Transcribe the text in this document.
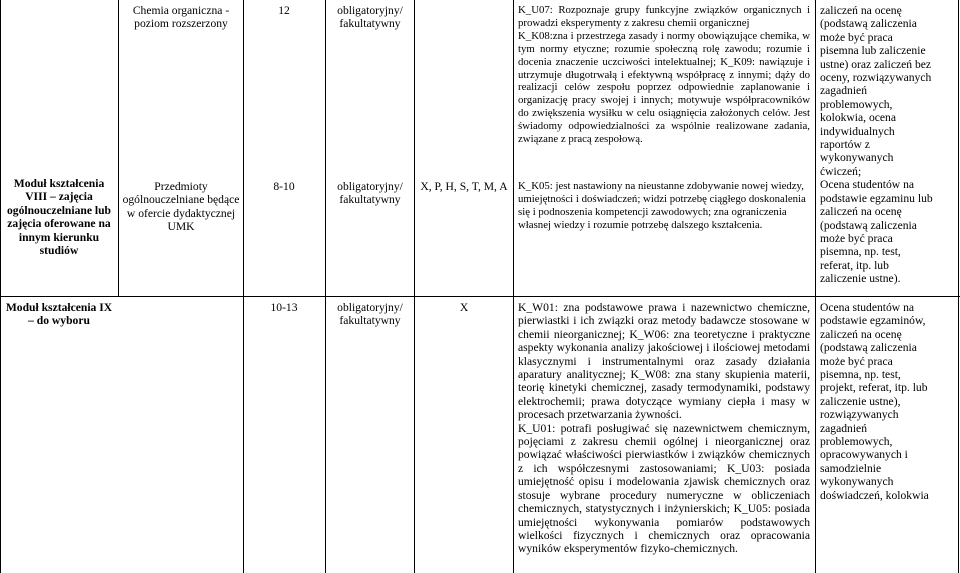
Moduł kształcenia VIII – zajęcia ogólnouczelniane lub zajęcia oferowane na innym kierunku studiów
Chemia organiczna - poziom rozszerzony
Przedmioty ogólnouczelniane będące w ofercie dydaktycznej UMK
12
8-10
obligatoryjny/
fakultatywny
obligatoryjny/
fakultatywny
X, P, H, S, T, M, A
K_U07: Rozpoznaje grupy funkcyjne związków organicznych i prowadzi eksperymenty z zakresu chemii organicznej
K_K08:zna i przestrzega zasady i normy obowiązujące chemika, w tym normy etyczne; rozumie społeczną rolę zawodu; rozumie i docenia znaczenie uczciwości intelektualnej; K_K09: nawiązuje i utrzymuje długotrwałą i efektywną współpracę z innymi; dąży do realizacji celów zespołu poprzez odpowiednie zaplanowanie i organizację pracy swojej i innych; motywuje współpracowników do zwiększenia wysiłku w celu osiągnięcia założonych celów. Jest świadomy odpowiedzialności za wspólnie realizowane zadania, związane z pracą zespołową.
K_K05: jest nastawiony na nieustanne zdobywanie nowej wiedzy, umiejętności i doświadczeń; widzi potrzebę ciągłego doskonalenia się i podnoszenia kompetencji zawodowych; zna ograniczenia własnej wiedzy i rozumie potrzebę dalszego kształcenia.
zaliczeń na ocenę
(podstawą zaliczenia
może być praca
pisemna lub zaliczenie
ustne) oraz zaliczeń bez
oceny, rozwiązywanych
zagadnień
problemowych,
kolokwia, ocena
indywidualnych
raportów z
wykonywanych
ćwiczeń;
Ocena studentów na
podstawie egzaminu lub
zaliczeń na ocenę
(podstawą zaliczenia
może być praca
pisemna, np. test,
referat, itp. lub
zaliczenie ustne).
Moduł kształcenia IX – do wyboru
10-13	obligatoryjny/
fakultatywny
X	K_W01: zna podstawowe prawa i nazewnictwo chemiczne, pierwiastki i ich związki oraz metody badawcze stosowane w chemii nieorganicznej; K_W06: zna teoretyczne i praktyczne aspekty wykonania analizy jakościowej i ilościowej metodami klasycznymi i instrumentalnymi oraz zasady działania aparatury analitycznej; K_W08: zna stany skupienia materii, teorię kinetyki chemicznej, zasady termodynamiki, podstawy elektrochemii; prawa dotyczące wymiany ciepła i masy w procesach przetwarzania żywności.
K_U01: potrafi posługiwać się nazewnictwem chemicznym, pojęciami z zakresu chemii ogólnej i nieorganicznej oraz powiązać właściwości pierwiastków i związków chemicznych z ich współczesnymi zastosowaniami; K_U03: posiada umiejętność opisu i modelowania zjawisk chemicznych oraz stosuje wybrane procedury numeryczne w obliczeniach chemicznych, statystycznych i inżynierskich; K_U05: posiada umiejętności wykonywania pomiarów podstawowych wielkości fizycznych i chemicznych oraz opracowania wyników eksperymentów fizyko-chemicznych.
Ocena studentów na
podstawie egzaminów,
zaliczeń na ocenę
(podstawą zaliczenia
może być praca
pisemna, np. test,
projekt, referat, itp. lub
zaliczenie ustne),
rozwiązywanych
zagadnień
problemowych,
opracowywanych i
samodzielnie
wykonywanych
doświadczeń, kolokwia
